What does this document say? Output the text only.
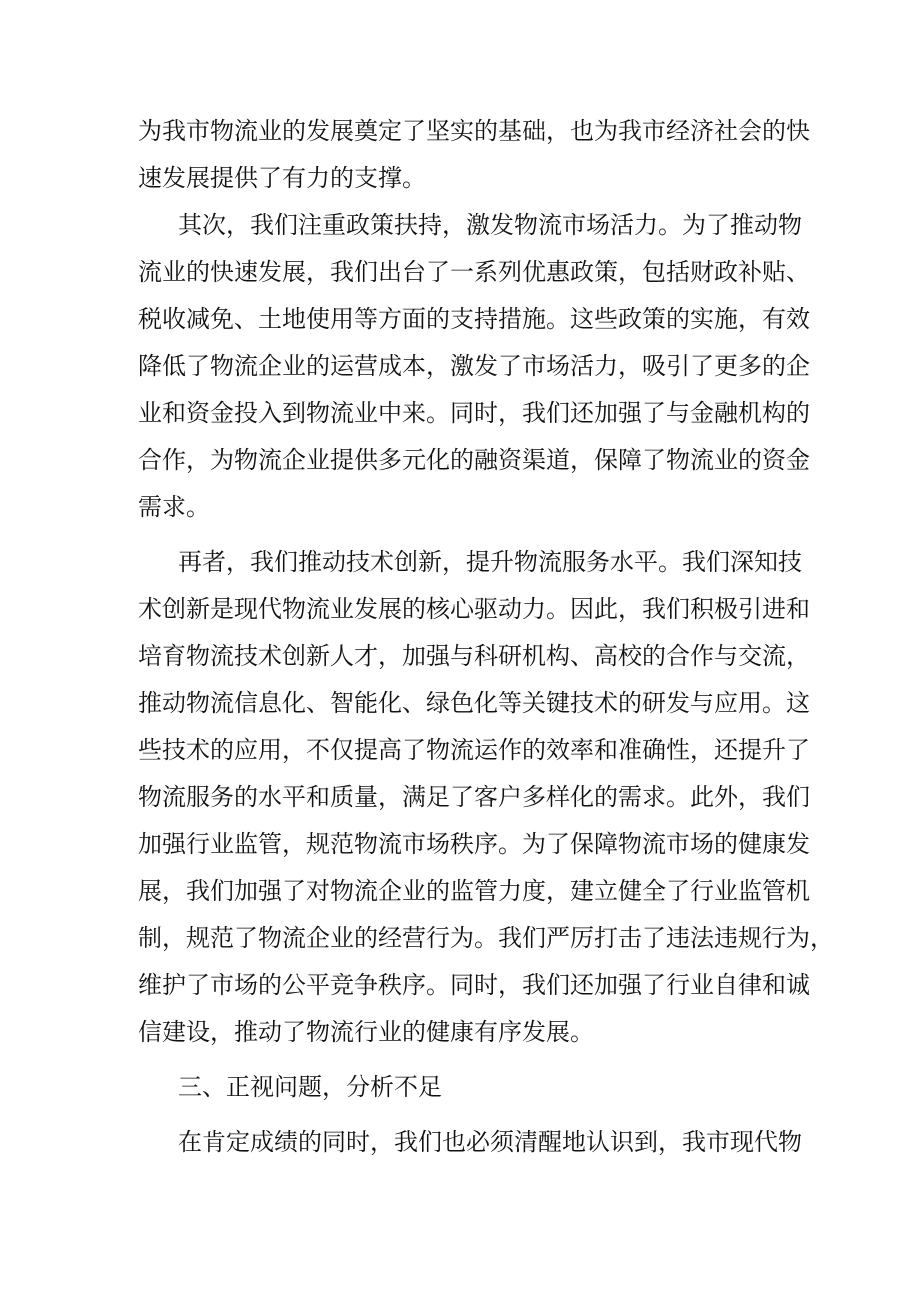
为我市物流业的发展奠定了坚实的基础，也为我市经济社会的快
速发展提供了有力的支撑。
其次，我们注重政策扶持，激发物流市场活力。为了推动物
流业的快速发展，我们出台了一系列优惠政策，包括财政补贴、
税收减免、土地使用等方面的支持措施。这些政策的实施，有效
降低了物流企业的运营成本，激发了市场活力，吸引了更多的企
业和资金投入到物流业中来。同时，我们还加强了与金融机构的
合作，为物流企业提供多元化的融资渠道，保障了物流业的资金
需求。
再者，我们推动技术创新，提升物流服务水平。我们深知技
术创新是现代物流业发展的核心驱动力。因此，我们积极引进和
培育物流技术创新人才，加强与科研机构、高校的合作与交流，
推动物流信息化、智能化、绿色化等关键技术的研发与应用。这
些技术的应用，不仅提高了物流运作的效率和准确性，还提升了
物流服务的水平和质量，满足了客户多样化的需求。此外，我们
加强行业监管，规范物流市场秩序。为了保障物流市场的健康发
展，我们加强了对物流企业的监管力度，建立健全了行业监管机
制，规范了物流企业的经营行为。我们严厉打击了违法违规行为，
维护了市场的公平竞争秩序。同时，我们还加强了行业自律和诚
信建设，推动了物流行业的健康有序发展。
三、正视问题，分析不足
在肯定成绩的同时，我们也必须清醒地认识到，我市现代物
